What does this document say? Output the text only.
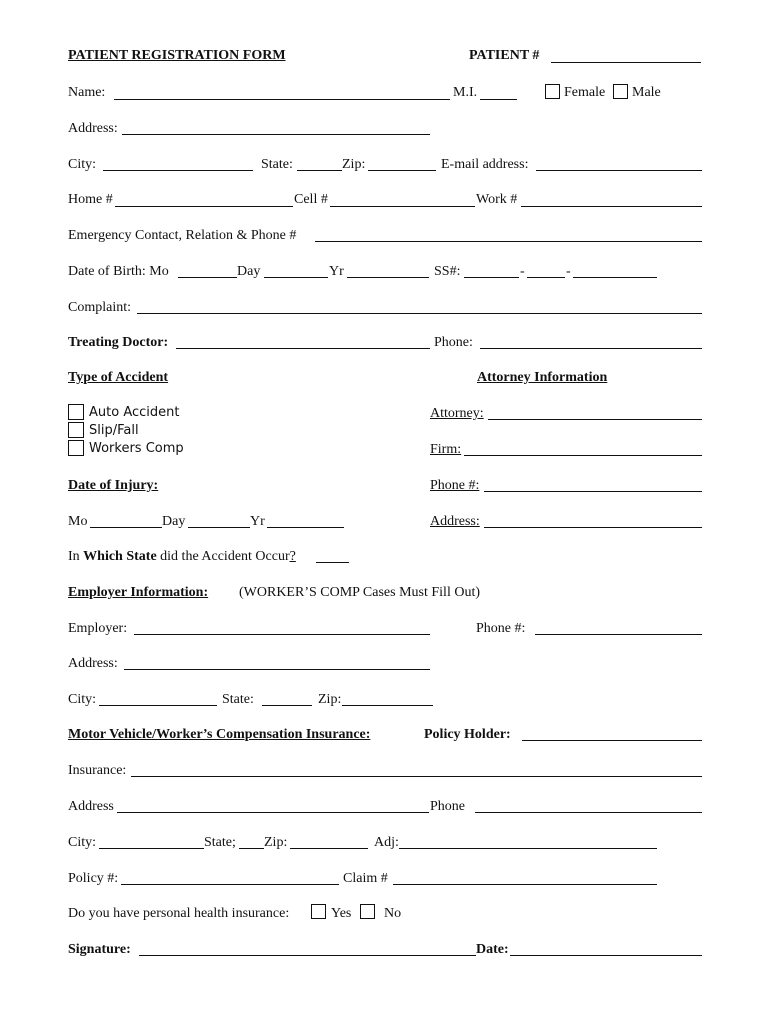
PATIENT REGISTRATION FORM	PATIENT #
Name:	M.I.	Female Male
Address:
City:	State:	Zip:	E-mail address:
Home #	Cell #	Work #
Emergency Contact, Relation & Phone #
Date of Birth: Mo	Day	Yr	SS#:	-	-
Complaint:
Treating Doctor:	Phone:
Type of Accident	Attorney Information
Auto Accident
Slip/Fall
Workers Comp
Attorney:
Firm:
Phone #:
Address:
Date of Injury:
Mo	Day	Yr
In Which State did the Accident Occur?
Employer Information: (WORKER’S COMP Cases Must Fill Out)
Employer:	Phone #:
Address:
City:	State:	Zip:
Motor Vehicle/Worker’s Compensation Insurance:	Policy Holder:
Insurance:
Address	Phone
City:	State; Zip:	Adj:
Policy #:	Claim #
Do you have personal health insurance:	Yes No
Signature:	Date:
